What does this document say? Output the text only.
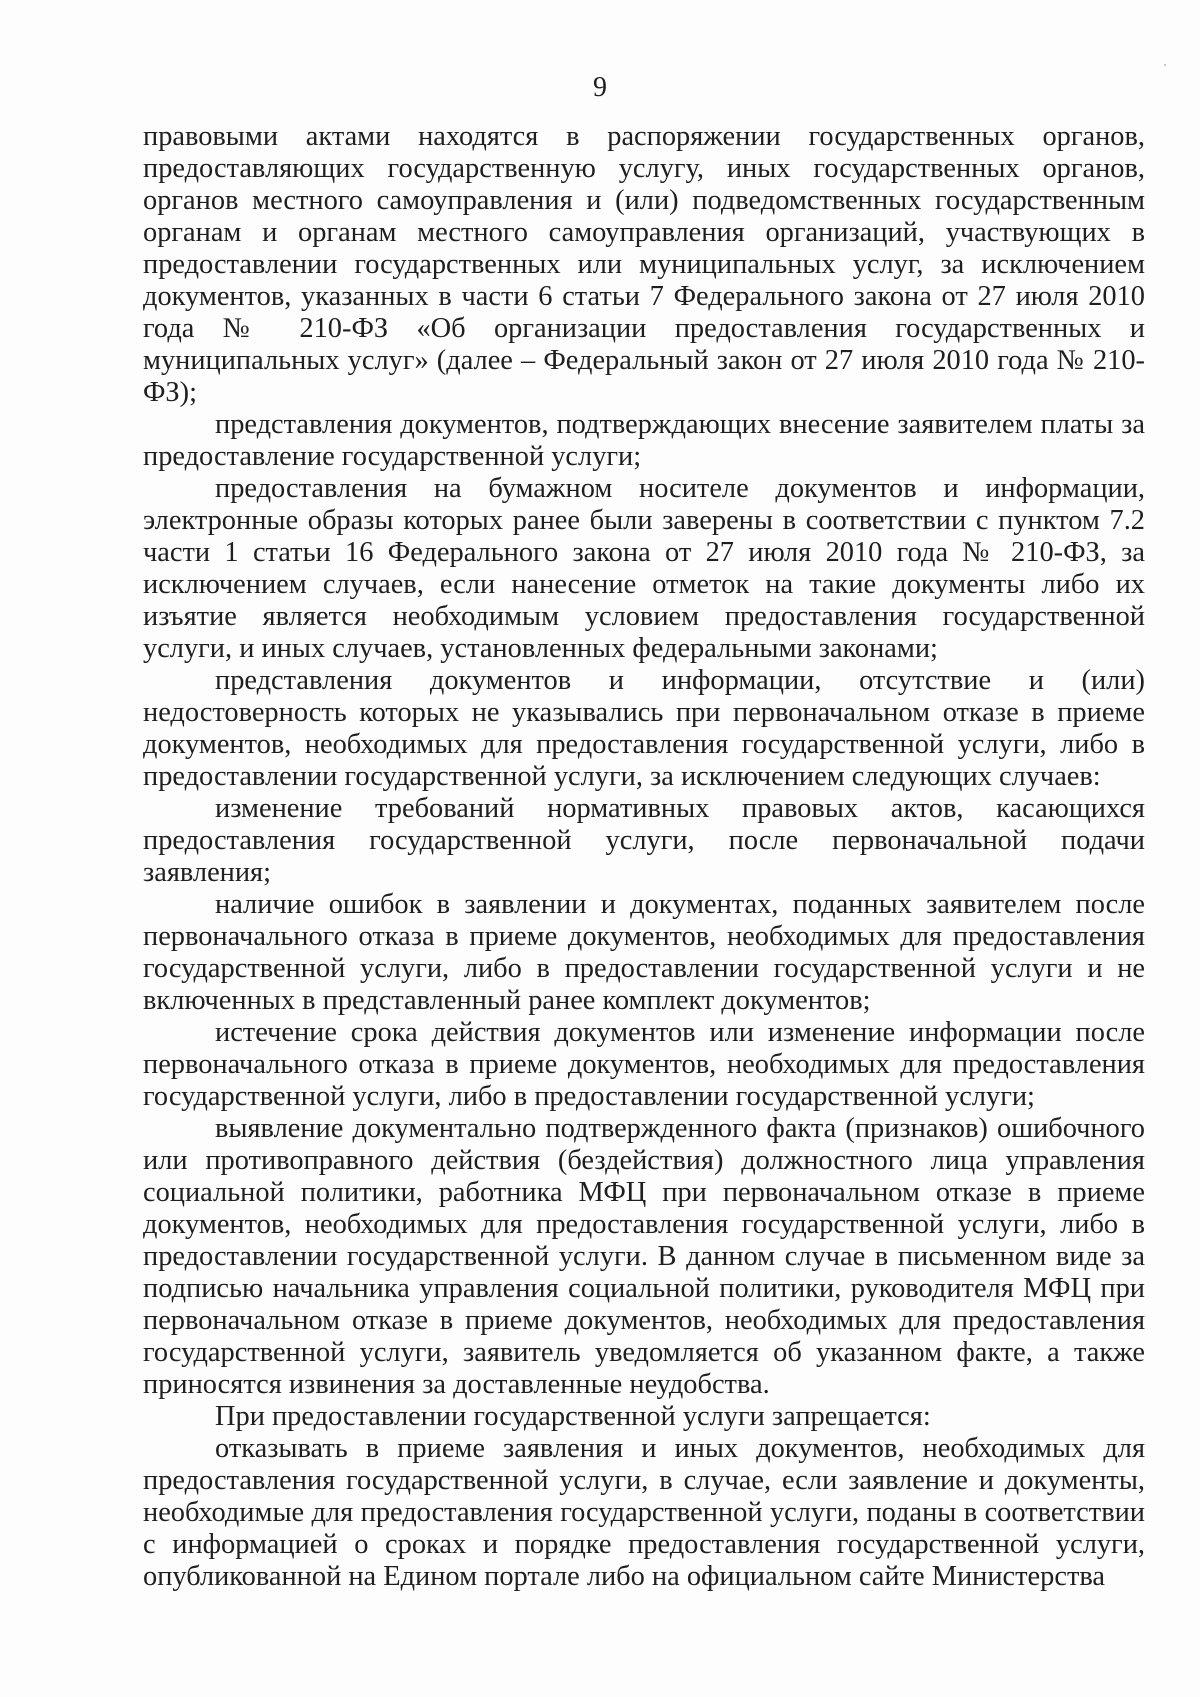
9

правовыми актами находятся в распоряжении государственных органов, предоставляющих государственную услугу, иных государственных органов, органов местного самоуправления и (или) подведомственных государственным органам и органам местного самоуправления организаций, участвующих в предоставлении государственных или муниципальных услуг, за исключением документов, указанных в части 6 статьи 7 Федерального закона от 27 июля 2010 года № 210-ФЗ «Об организации предоставления государственных и муниципальных услуг» (далее – Федеральный закон от 27 июля 2010 года № 210-ФЗ);

представления документов, подтверждающих внесение заявителем платы за предоставление государственной услуги;

предоставления на бумажном носителе документов и информации, электронные образы которых ранее были заверены в соответствии с пунктом 7.2 части 1 статьи 16 Федерального закона от 27 июля 2010 года № 210-ФЗ, за исключением случаев, если нанесение отметок на такие документы либо их изъятие является необходимым условием предоставления государственной услуги, и иных случаев, установленных федеральными законами;

представления документов и информации, отсутствие и (или) недостоверность которых не указывались при первоначальном отказе в приеме документов, необходимых для предоставления государственной услуги, либо в предоставлении государственной услуги, за исключением следующих случаев:

изменение требований нормативных правовых актов, касающихся предоставления государственной услуги, после первоначальной подачи заявления;

наличие ошибок в заявлении и документах, поданных заявителем после первоначального отказа в приеме документов, необходимых для предоставления государственной услуги, либо в предоставлении государственной услуги и не включенных в представленный ранее комплект документов;

истечение срока действия документов или изменение информации после первоначального отказа в приеме документов, необходимых для предоставления государственной услуги, либо в предоставлении государственной услуги;

выявление документально подтвержденного факта (признаков) ошибочного или противоправного действия (бездействия) должностного лица управления социальной политики, работника МФЦ при первоначальном отказе в приеме документов, необходимых для предоставления государственной услуги, либо в предоставлении государственной услуги. В данном случае в письменном виде за подписью начальника управления социальной политики, руководителя МФЦ при первоначальном отказе в приеме документов, необходимых для предоставления государственной услуги, заявитель уведомляется об указанном факте, а также приносятся извинения за доставленные неудобства.

При предоставлении государственной услуги запрещается:

отказывать в приеме заявления и иных документов, необходимых для предоставления государственной услуги, в случае, если заявление и документы, необходимые для предоставления государственной услуги, поданы в соответствии с информацией о сроках и порядке предоставления государственной услуги, опубликованной на Едином портале либо на официальном сайте Министерства
